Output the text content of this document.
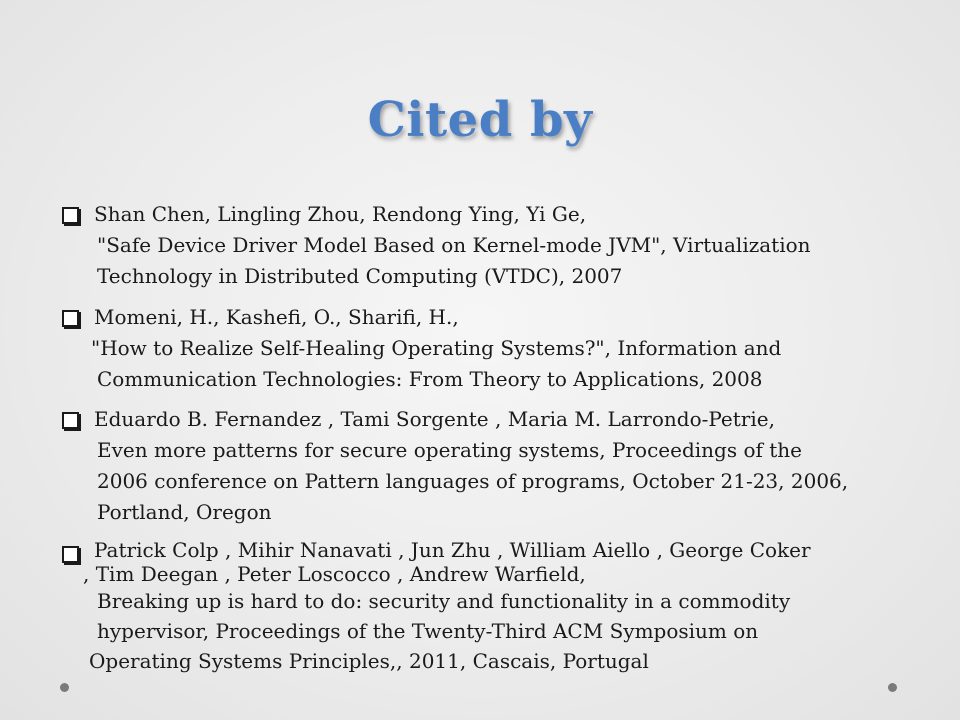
Cited by
Shan Chen, Lingling Zhou, Rendong Ying, Yi Ge,
"Safe Device Driver Model Based on Kernel-mode JVM", Virtualization
Technology in Distributed Computing (VTDC), 2007
Momeni, H., Kashefi, O., Sharifi, H.,
"How to Realize Self-Healing Operating Systems?", Information and
Communication Technologies: From Theory to Applications, 2008
Eduardo B. Fernandez , Tami Sorgente , Maria M. Larrondo-Petrie,
Even more patterns for secure operating systems, Proceedings of the
2006 conference on Pattern languages of programs, October 21-23, 2006,
Portland, Oregon
Patrick Colp , Mihir Nanavati , Jun Zhu , William Aiello , George Coker
, Tim Deegan , Peter Loscocco , Andrew Warfield,
Breaking up is hard to do: security and functionality in a commodity
hypervisor, Proceedings of the Twenty-Third ACM Symposium on
Operating Systems Principles,, 2011, Cascais, Portugal
